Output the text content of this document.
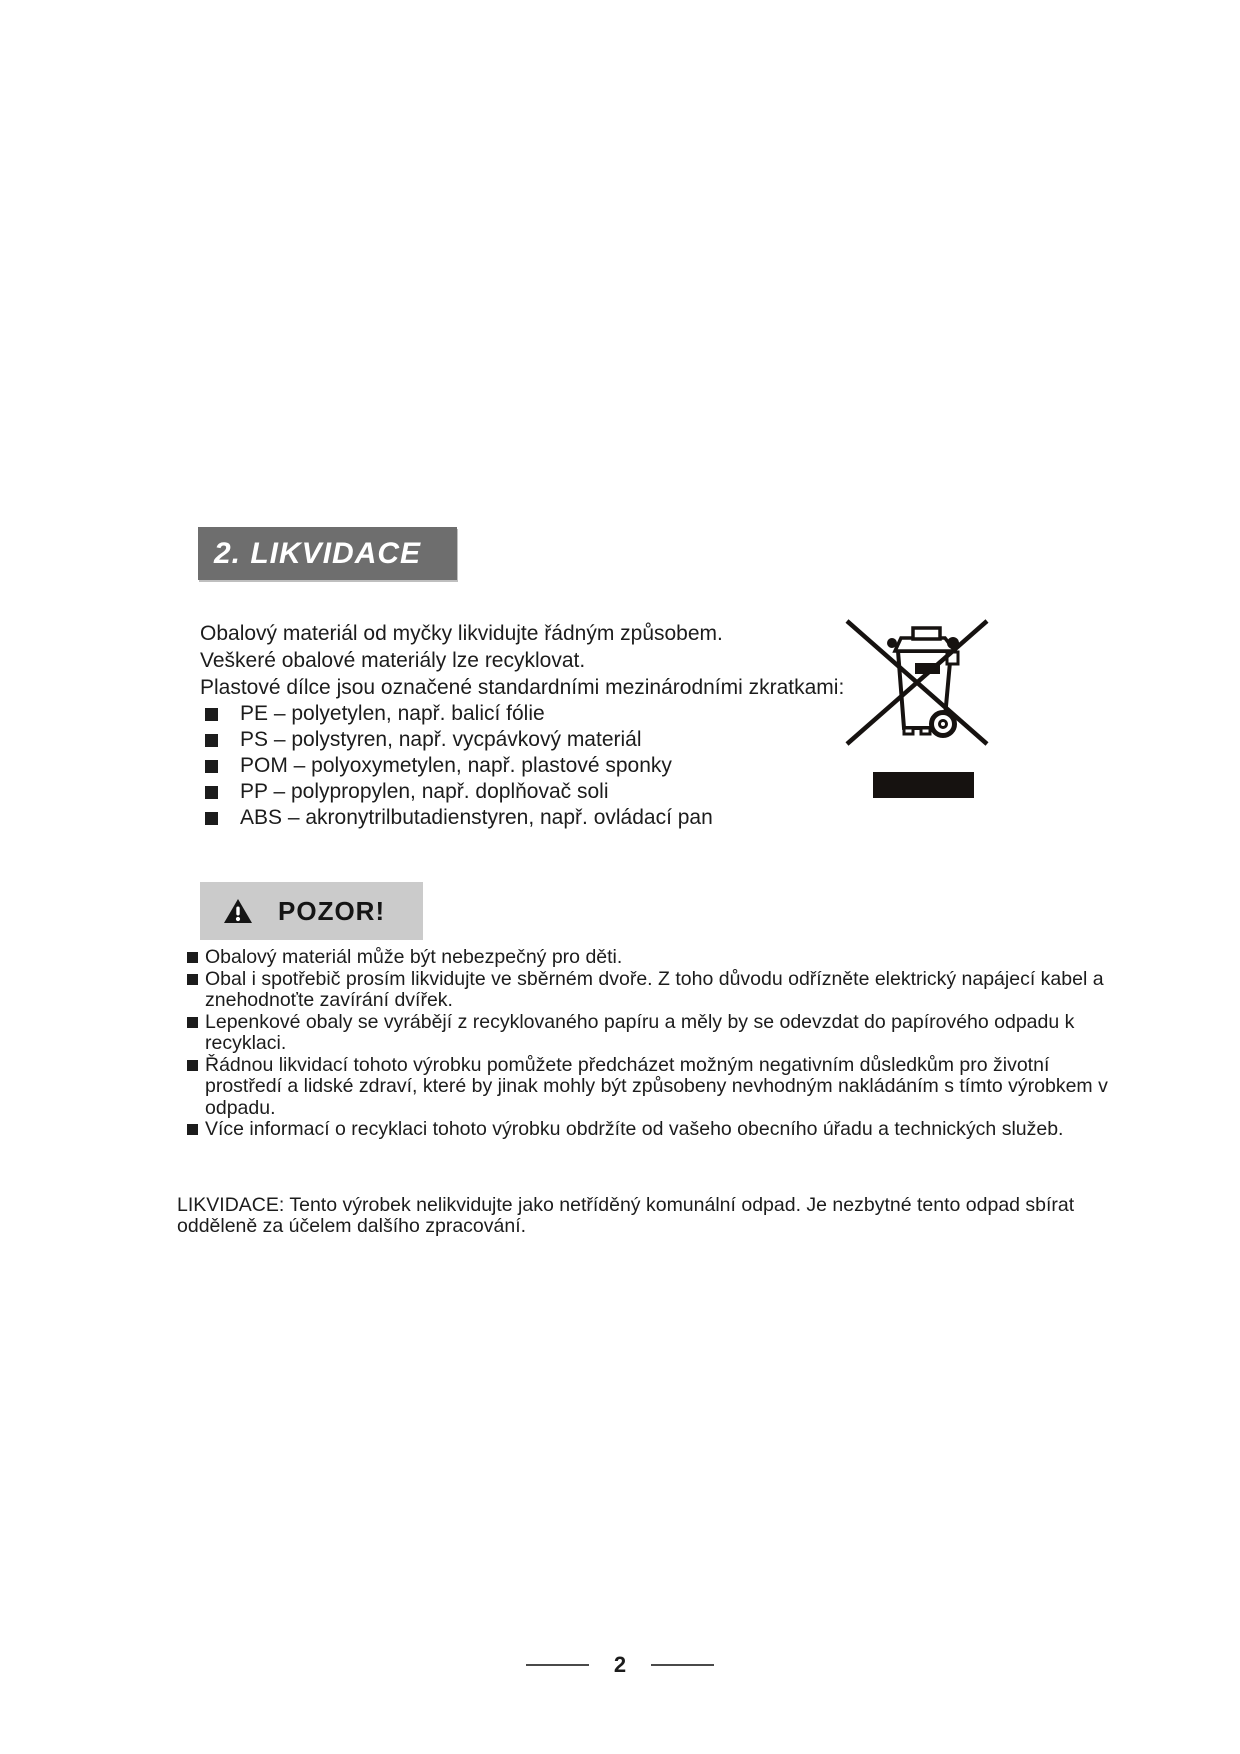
2. LIKVIDACE
Obalový materiál od myčky likvidujte řádným způsobem.
Veškeré obalové materiály lze recyklovat.
Plastové dílce jsou označené standardními mezinárodními zkratkami:
PE – polyetylen, např. balicí fólie
PS – polystyren, např. vycpávkový materiál
POM – polyoxymetylen, např. plastové sponky
PP – polypropylen, např. doplňovač soli
ABS – akronytrilbutadienstyren, např. ovládací pan
POZOR!
Obalový materiál může být nebezpečný pro děti.
Obal i spotřebič prosím likvidujte ve sběrném dvoře. Z toho důvodu odřízněte elektrický napájecí kabel a znehodnoťte zavírání dvířek.
Lepenkové obaly se vyrábějí z recyklovaného papíru a měly by se odevzdat do papírového odpadu k recyklaci.
Řádnou likvidací tohoto výrobku pomůžete předcházet možným negativním důsledkům pro životní prostředí a lidské zdraví, které by jinak mohly být způsobeny nevhodným nakládáním s tímto výrobkem v odpadu.
Více informací o recyklaci tohoto výrobku obdržíte od vašeho obecního úřadu a technických služeb.
LIKVIDACE: Tento výrobek nelikvidujte jako netříděný komunální odpad. Je nezbytné tento odpad sbírat odděleně za účelem dalšího zpracování.
2
